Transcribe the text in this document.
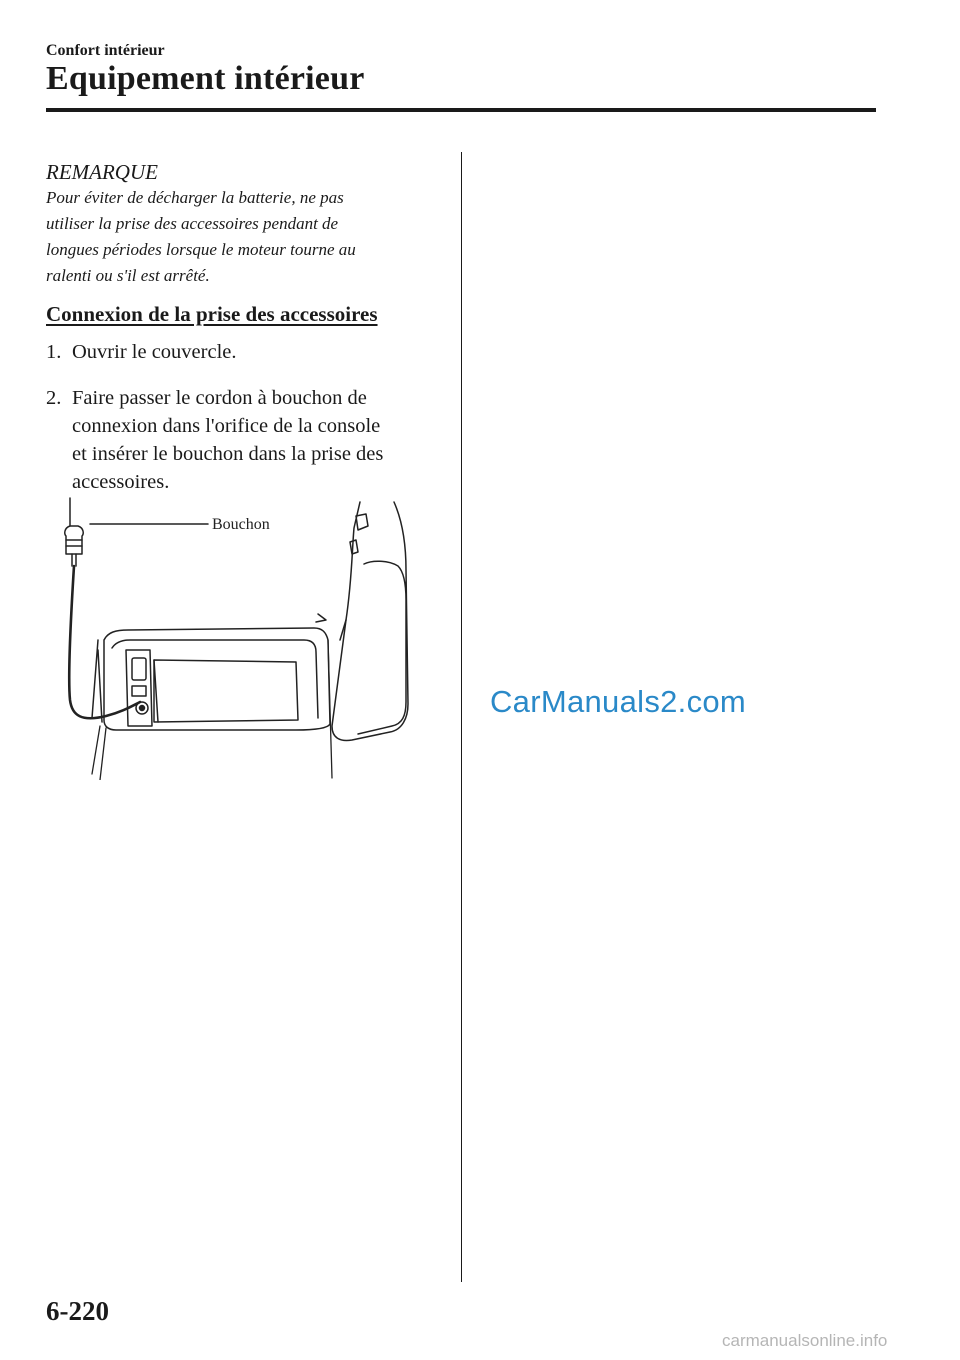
Confort intérieur
Equipement intérieur
REMARQUE
Pour éviter de décharger la batterie, ne pas
utiliser la prise des accessoires pendant de
longues périodes lorsque le moteur tourne au
ralenti ou s'il est arrêté.
Connexion de la prise des accessoires
1. Ouvrir le couvercle.
2. Faire passer le cordon à bouchon de
connexion dans l'orifice de la console
et insérer le bouchon dans la prise des
accessoires.
Bouchon
CarManuals2.com
6-220
carmanualsonline.info
